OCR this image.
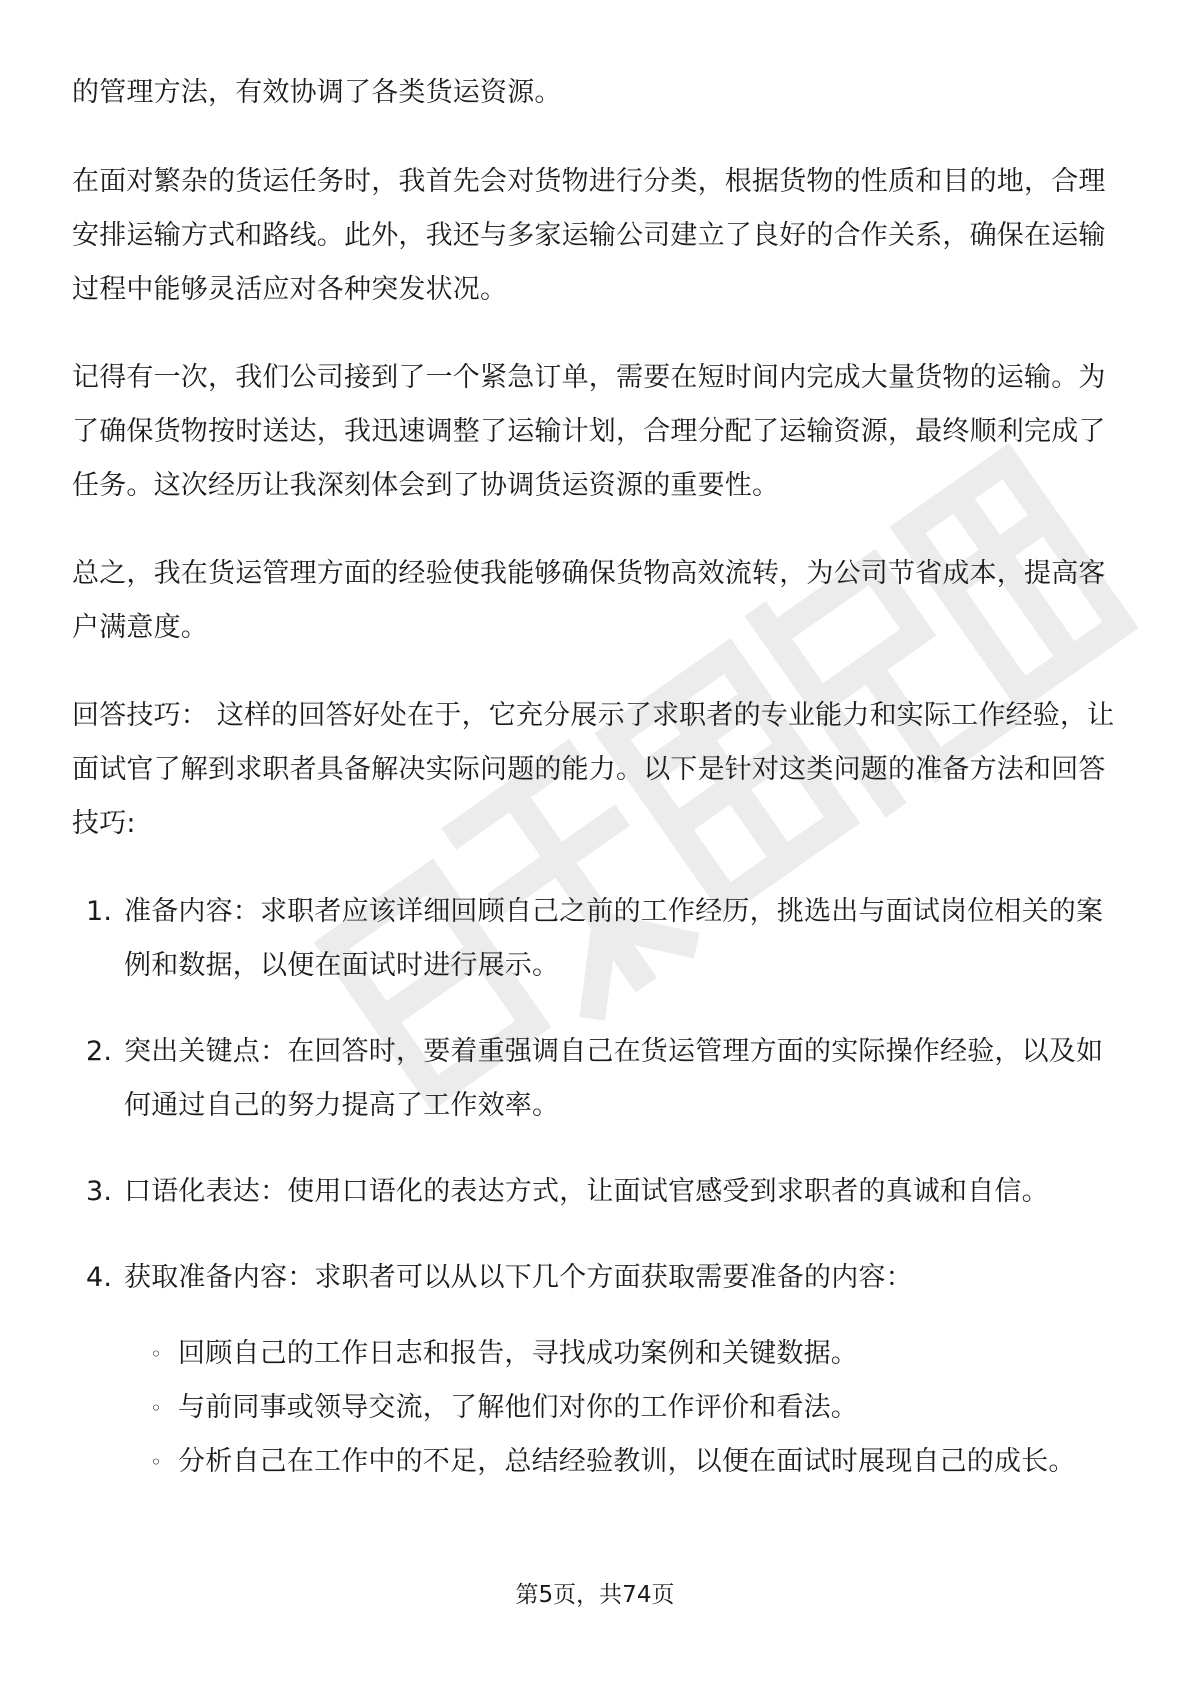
的管理方法，有效协调了各类货运资源。

在面对繁杂的货运任务时，我首先会对货物进行分类，根据货物的性质和目的地，合理安排运输方式和路线。此外，我还与多家运输公司建立了良好的合作关系，确保在运输过程中能够灵活应对各种突发状况。

记得有一次，我们公司接到了一个紧急订单，需要在短时间内完成大量货物的运输。为了确保货物按时送达，我迅速调整了运输计划，合理分配了运输资源，最终顺利完成了任务。这次经历让我深刻体会到了协调货运资源的重要性。

总之，我在货运管理方面的经验使我能够确保货物高效流转，为公司节省成本，提高客户满意度。

回答技巧： 这样的回答好处在于，它充分展示了求职者的专业能力和实际工作经验，让面试官了解到求职者具备解决实际问题的能力。以下是针对这类问题的准备方法和回答技巧:

1. 准备内容：求职者应该详细回顾自己之前的工作经历，挑选出与面试岗位相关的案例和数据，以便在面试时进行展示。
2. 突出关键点：在回答时，要着重强调自己在货运管理方面的实际操作经验，以及如何通过自己的努力提高了工作效率。
3. 口语化表达：使用口语化的表达方式，让面试官感受到求职者的真诚和自信。
4. 获取准备内容：求职者可以从以下几个方面获取需要准备的内容：
◦ 回顾自己的工作日志和报告，寻找成功案例和关键数据。
◦ 与前同事或领导交流，了解他们对你的工作评价和看法。
◦ 分析自己在工作中的不足，总结经验教训，以便在面试时展现自己的成长。
第5页，共74页
